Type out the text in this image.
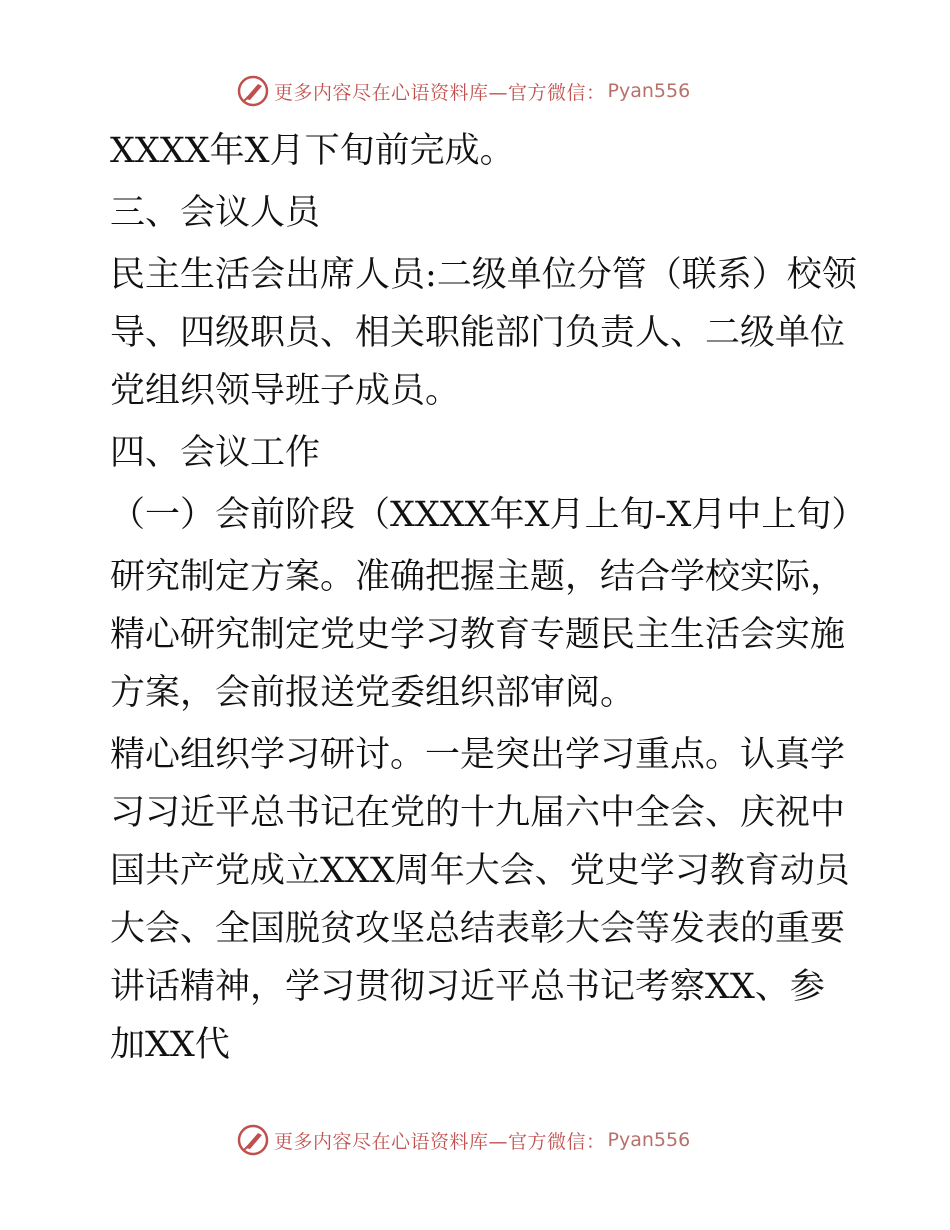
更多内容尽在心语资料库—官方微信： Pyan556

XXXX年X月下旬前完成。

三、会议人员

民主生活会出席人员:二级单位分管（联系）校领导、四级职员、相关职能部门负责人、二级单位党组织领导班子成员。

四、会议工作

（一）会前阶段（XXXX年X月上旬-X月中上旬）

研究制定方案。准确把握主题，结合学校实际，精心研究制定党史学习教育专题民主生活会实施方案，会前报送党委组织部审阅。

精心组织学习研讨。一是突出学习重点。认真学习习近平总书记在党的十九届六中全会、庆祝中国共产党成立XXX周年大会、党史学习教育动员大会、全国脱贫攻坚总结表彰大会等发表的重要讲话精神，学习贯彻习近平总书记考察XX、参加XX代

更多内容尽在心语资料库—官方微信： Pyan556
